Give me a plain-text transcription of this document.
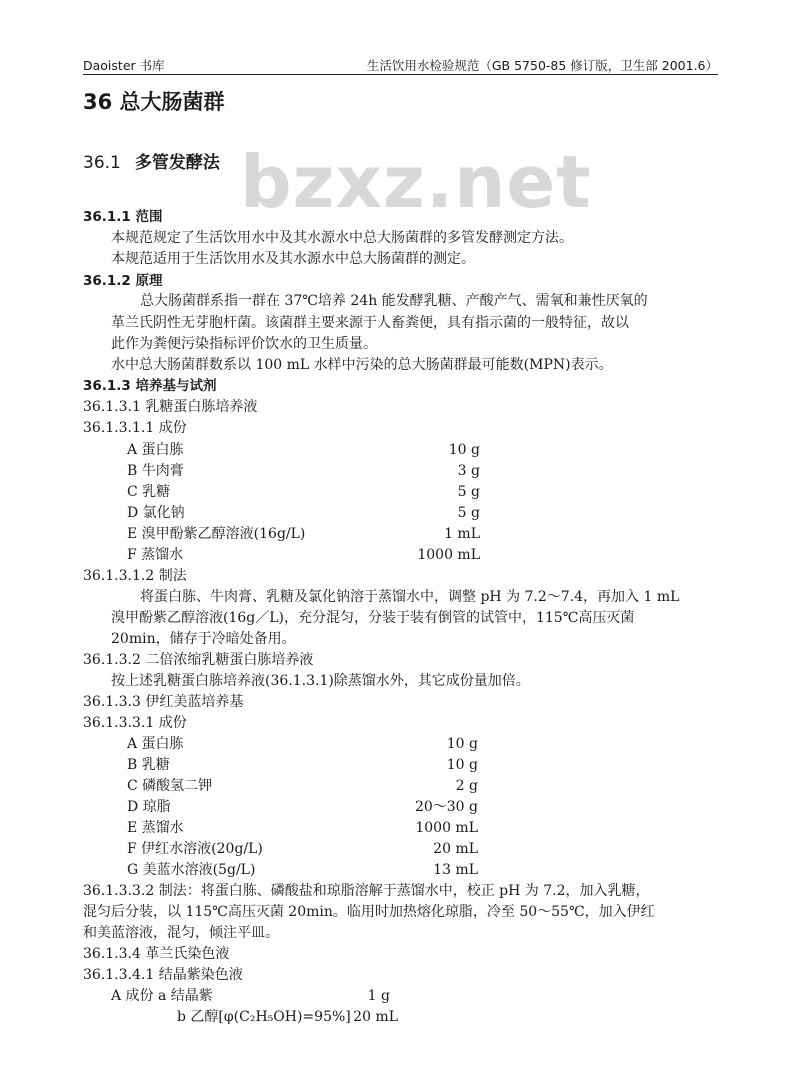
Daoister 书库	生活饮用水检验规范（GB 5750-85 修订版，卫生部 2001.6）
bzxz.net
36 总大肠菌群
36.1 多管发酵法
36.1.1 范围
本规范规定了生活饮用水中及其水源水中总大肠菌群的多管发酵测定方法。
本规范适用于生活饮用水及其水源水中总大肠菌群的测定。
36.1.2 原理
总大肠菌群系指一群在 37℃培养 24h 能发酵乳糖、产酸产气、需氧和兼性厌氧的
革兰氏阴性无芽胞杆菌。该菌群主要来源于人畜粪便，具有指示菌的一般特征，故以
此作为粪便污染指标评价饮水的卫生质量。
水中总大肠菌群数系以 100 mL 水样中污染的总大肠菌群最可能数(MPN)表示。
36.1.3 培养基与试剂
36.1.3.1 乳糖蛋白胨培养液
36.1.3.1.1 成份
A 蛋白胨	10 g
B 牛肉膏	3 g
C 乳糖	5 g
D 氯化钠	5 g
E 溴甲酚紫乙醇溶液(16g/L)	1 mL
F 蒸馏水	1000 mL
36.1.3.1.2 制法
将蛋白胨、牛肉膏、乳糖及氯化钠溶于蒸馏水中，调整 pH 为 7.2～7.4，再加入 1 mL
溴甲酚紫乙醇溶液(16g／L)，充分混匀，分装于装有倒管的试管中，115℃高压灭菌
20min，储存于冷暗处备用。
36.1.3.2 二倍浓缩乳糖蛋白胨培养液
按上述乳糖蛋白胨培养液(36.1.3.1)除蒸馏水外，其它成份量加倍。
36.1.3.3 伊红美蓝培养基
36.1.3.3.1 成份
A 蛋白胨	10 g
B 乳糖	10 g
C 磷酸氢二钾	2 g
D 琼脂	20～30 g
E 蒸馏水	1000 mL
F 伊红水溶液(20g/L)	20 mL
G 美蓝水溶液(5g/L)	13 mL
36.1.3.3.2 制法：将蛋白胨、磷酸盐和琼脂溶解于蒸馏水中，校正 pH 为 7.2，加入乳糖，
混匀后分装，以 115℃高压灭菌 20min。临用时加热熔化琼脂，冷至 50～55℃，加入伊红
和美蓝溶液，混匀，倾注平皿。
36.1.3.4 革兰氏染色液
36.1.3.4.1 结晶紫染色液
A 成份 a 结晶紫	1 g
b 乙醇[φ(C₂H₅OH)=95%] 20 mL
